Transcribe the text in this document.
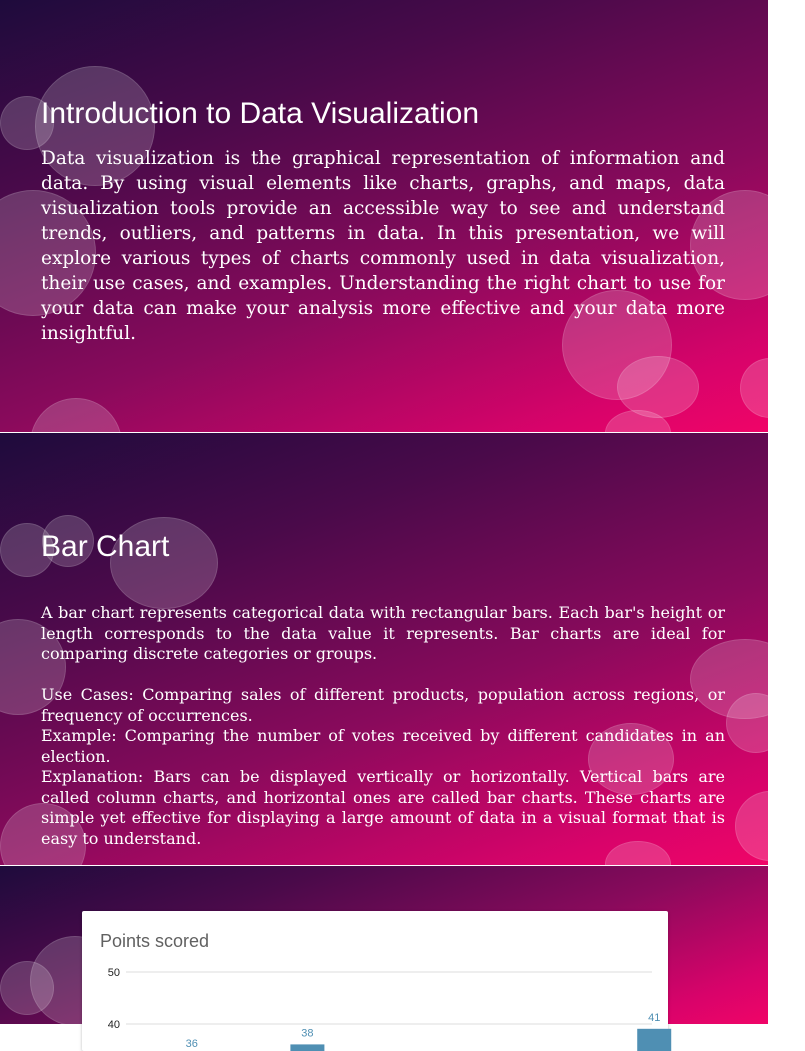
Introduction to Data Visualization

Data visualization is the graphical representation of information and data. By using visual elements like charts, graphs, and maps, data visualization tools provide an accessible way to see and understand trends, outliers, and patterns in data. In this presentation, we will explore various types of charts commonly used in data visualization, their use cases, and examples. Understanding the right chart to use for your data can make your analysis more effective and your data more insightful.

Bar Chart

A bar chart represents categorical data with rectangular bars. Each bar's height or length corresponds to the data value it represents. Bar charts are ideal for comparing discrete categories or groups.

Use Cases: Comparing sales of different products, population across regions, or frequency of occurrences.

Example: Comparing the number of votes received by different candidates in an election.

Explanation: Bars can be displayed vertically or horizontally. Vertical bars are called column charts, and horizontal ones are called bar charts. These charts are simple yet effective for displaying a large amount of data in a visual format that is easy to understand.

Points scored
50
40
36
38
41
